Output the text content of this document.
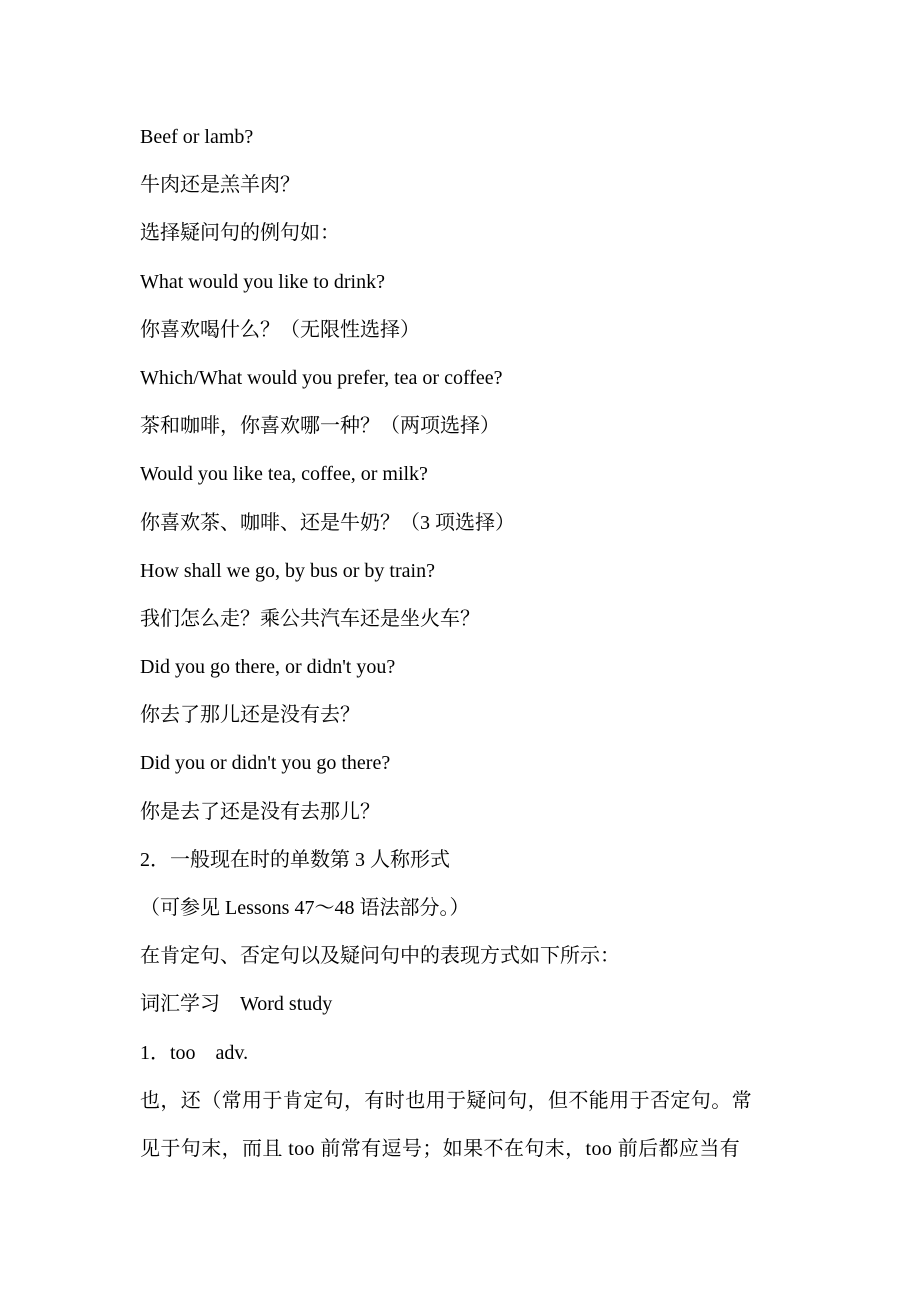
Beef or lamb?
牛肉还是羔羊肉？
选择疑问句的例句如：
What would you like to drink?
你喜欢喝什么？（无限性选择）
Which/What would you prefer, tea or coffee?
茶和咖啡，你喜欢哪一种？（两项选择）
Would you like tea, coffee, or milk?
你喜欢茶、咖啡、还是牛奶？（3 项选择）
How shall we go, by bus or by train?
我们怎么走？乘公共汽车还是坐火车？
Did you go there, or didn't you?
你去了那儿还是没有去？
Did you or didn't you go there?
你是去了还是没有去那儿？
2．一般现在时的单数第 3 人称形式
（可参见 Lessons 47～48 语法部分。）
在肯定句、否定句以及疑问句中的表现方式如下所示：
词汇学习　Word study
1．too　adv.
也，还（常用于肯定句，有时也用于疑问句，但不能用于否定句。常
见于句末，而且 too 前常有逗号；如果不在句末，too 前后都应当有
